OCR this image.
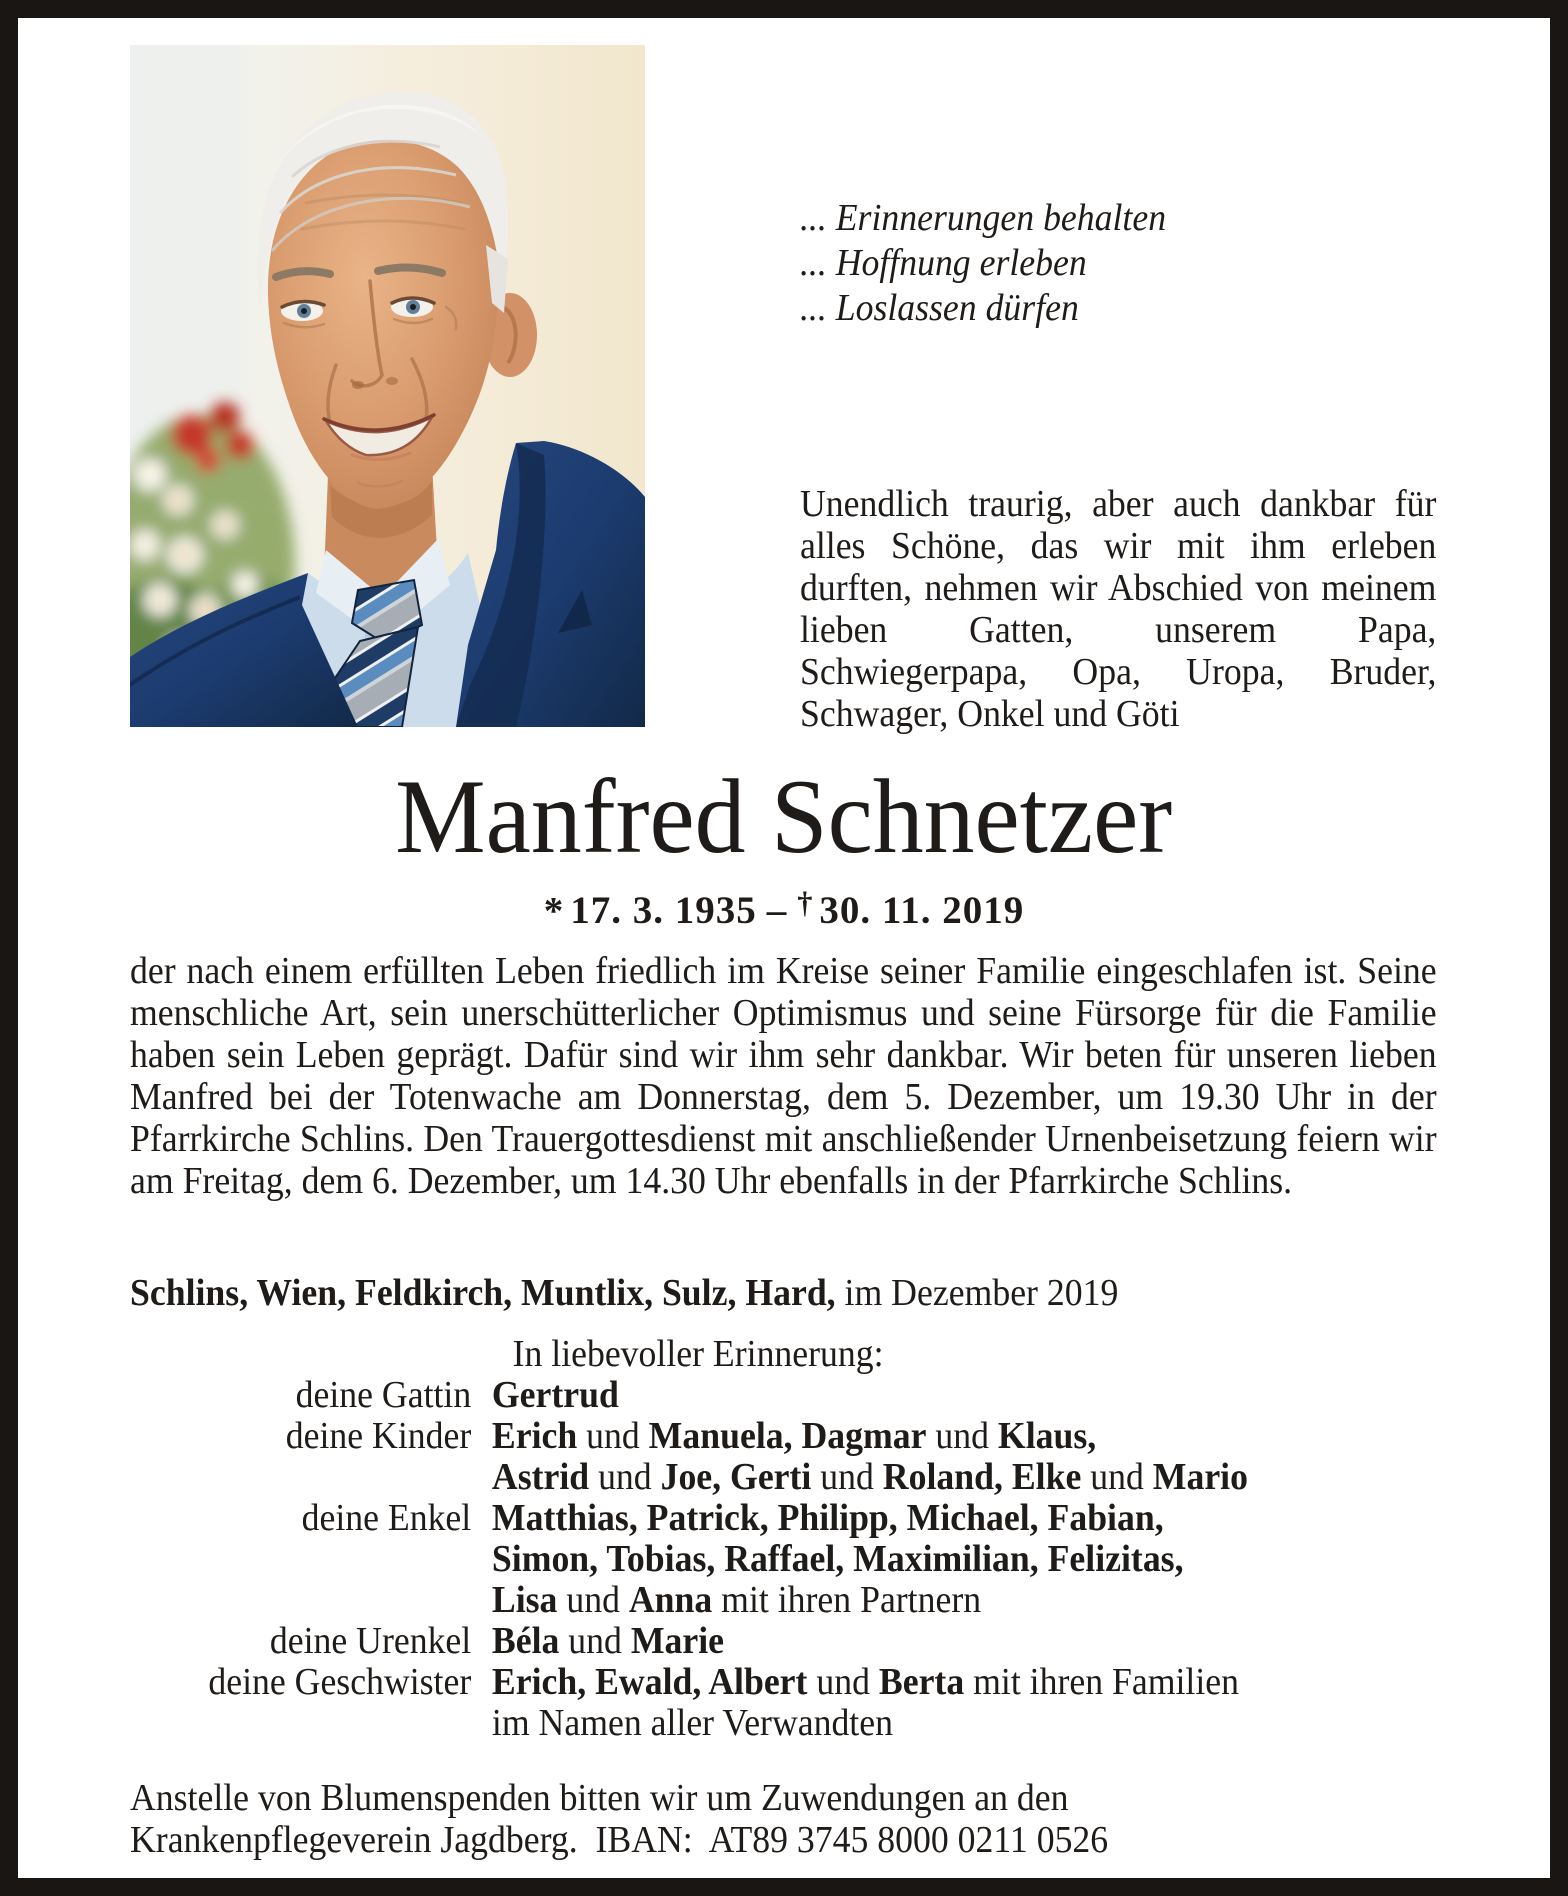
... Erinnerungen behalten
... Hoffnung erleben
... Loslassen dürfen
Unendlich traurig, aber auch dankbar für alles Schöne, das wir mit ihm erleben durften, nehmen wir Abschied von meinem lieben Gatten, unserem Papa, Schwiegerpapa, Opa, Uropa, Bruder, Schwager, Onkel und Göti
Manfred Schnetzer
* 17. 3. 1935 – † 30. 11. 2019
der nach einem erfüllten Leben friedlich im Kreise seiner Familie eingeschlafen ist. Seine menschliche Art, sein unerschütterlicher Optimismus und seine Fürsorge für die Familie haben sein Leben geprägt. Dafür sind wir ihm sehr dankbar. Wir beten für unseren lieben Manfred bei der Totenwache am Donnerstag, dem 5. Dezember, um 19.30 Uhr in der Pfarrkirche Schlins. Den Trauergottesdienst mit anschließender Urnenbeisetzung feiern wir am Freitag, dem 6. Dezember, um 14.30 Uhr ebenfalls in der Pfarrkirche Schlins.
Schlins, Wien, Feldkirch, Muntlix, Sulz, Hard, im Dezember 2019
In liebevoller Erinnerung:
deine Gattin Gertrud
deine Kinder Erich und Manuela, Dagmar und Klaus,
Astrid und Joe, Gerti und Roland, Elke und Mario
deine Enkel Matthias, Patrick, Philipp, Michael, Fabian,
Simon, Tobias, Raffael, Maximilian, Felizitas,
Lisa und Anna mit ihren Partnern
deine Urenkel Béla und Marie
deine Geschwister Erich, Ewald, Albert und Berta mit ihren Familien
im Namen aller Verwandten
Anstelle von Blumenspenden bitten wir um Zuwendungen an den
Krankenpflegeverein Jagdberg.  IBAN:  AT89 3745 8000 0211 0526
